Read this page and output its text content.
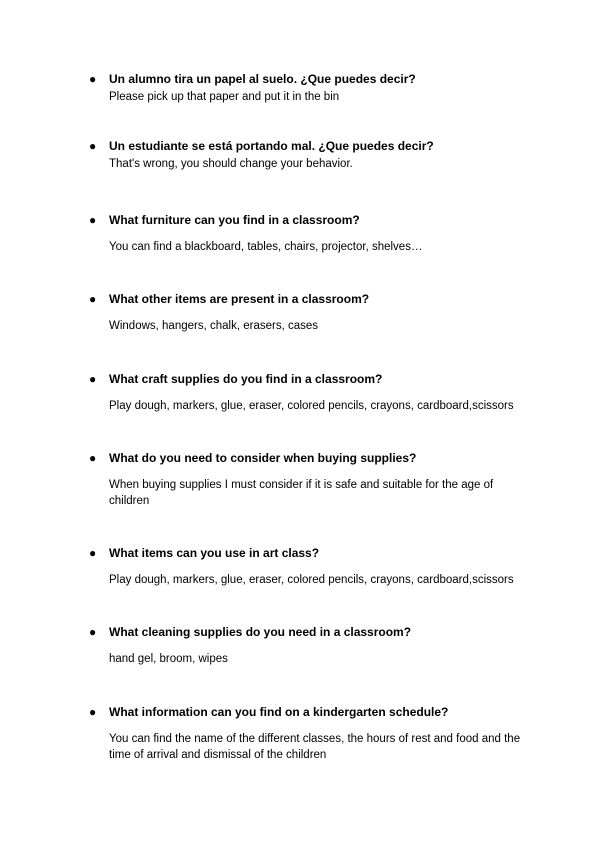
● Un alumno tira un papel al suelo. ¿Que puedes decir?
Please pick up that paper and put it in the bin
● Un estudiante se está portando mal. ¿Que puedes decir?
That's wrong, you should change your behavior.
● What furniture can you find in a classroom?
You can find a blackboard, tables, chairs, projector, shelves…
● What other items are present in a classroom?
Windows, hangers, chalk, erasers, cases
● What craft supplies do you find in a classroom?
Play dough, markers, glue, eraser, colored pencils, crayons, cardboard,scissors
● What do you need to consider when buying supplies?
When buying supplies I must consider if it is safe and suitable for the age of children
● What items can you use in art class?
Play dough, markers, glue, eraser, colored pencils, crayons, cardboard,scissors
● What cleaning supplies do you need in a classroom?
hand gel, broom, wipes
● What information can you find on a kindergarten schedule?
You can find the name of the different classes, the hours of rest and food and the time of arrival and dismissal of the children
